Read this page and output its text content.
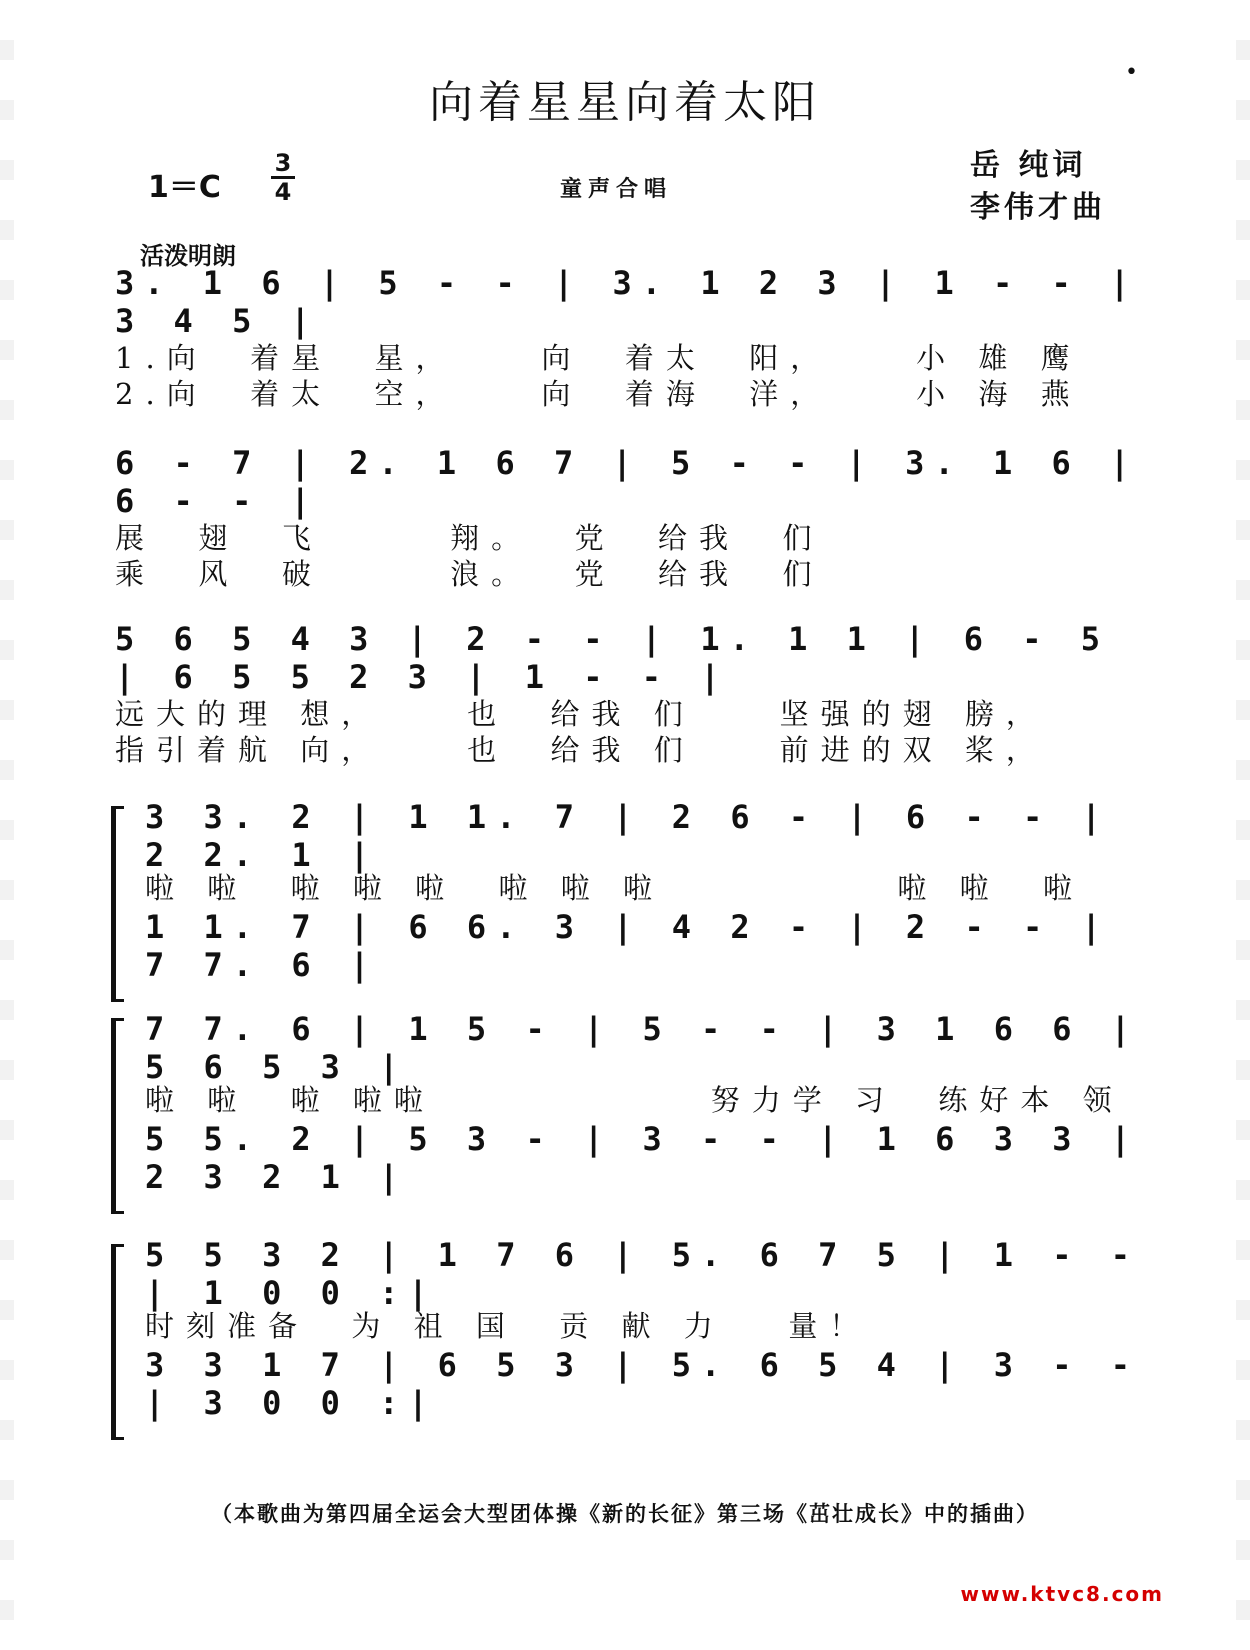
•
向着星星向着太阳
1＝C
3
4	童声合唱
岳 纯词
李伟才曲
活泼明朗
3. 1 6 | 5 - - | 3. 1 2 3 | 1 - - | 3 4 5 |
1.向  着星  星，    向  着太  阳，    小 雄 鹰
2.向  着太  空，    向  着海  洋，    小 海 燕
6 - 7 | 2. 1 6 7 | 5 - - | 3. 1 6 | 6 - - |
展  翅  飞      翔。  党  给我  们
乘  风  破      浪。  党  给我  们
5 6 5 4 3 | 2 - - | 1. 1 1 | 6 - 5 | 6 5 5 2 3 | 1 - - |
远大的理 想，    也  给我 们    坚强的翅 膀，
指引着航 向，    也  给我 们    前进的双 桨，
3 3. 2 | 1 1. 7 | 2 6 - | 6 - - | 2 2. 1 |
啦 啦  啦 啦 啦  啦 啦 啦           啦 啦  啦
1 1. 7 | 6 6. 3 | 4 2 - | 2 - - | 7 7. 6 |
7 7. 6 | 1 5 - | 5 - - | 3 1 6 6 | 5 6 5 3 |
啦 啦  啦 啦啦             努力学 习  练好本 领
5 5. 2 | 5 3 - | 3 - - | 1 6 3 3 | 2 3 2 1 |
5 5 3 2 | 1 7 6 | 5. 6 7 5 | 1 - - | 1 0 0 :|
时刻准备  为 祖 国  贡 献 力   量！
3 3 1 7 | 6 5 3 | 5. 6 5 4 | 3 - - | 3 0 0 :|
（本歌曲为第四届全运会大型团体操《新的长征》第三场《茁壮成长》中的插曲）
www.ktvc8.com
